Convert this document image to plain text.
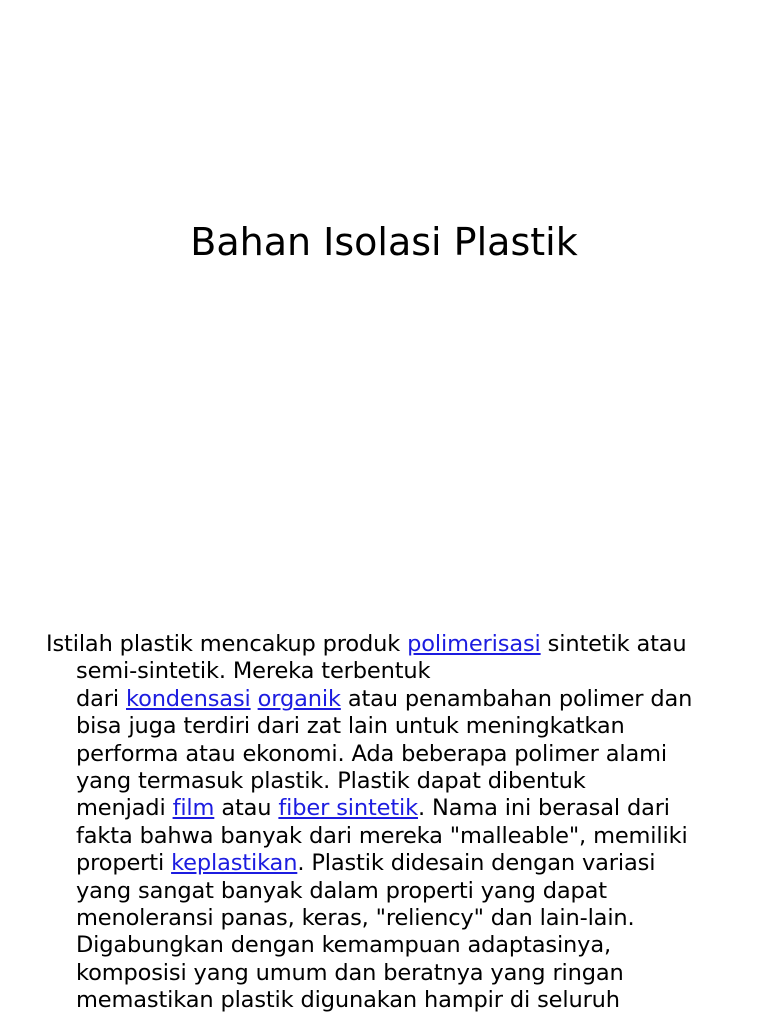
Bahan Isolasi Plastik
Istilah plastik mencakup produk polimerisasi sintetik atau
semi-sintetik. Mereka terbentuk
dari kondensasi organik atau penambahan polimer dan
bisa juga terdiri dari zat lain untuk meningkatkan
performa atau ekonomi. Ada beberapa polimer alami
yang termasuk plastik. Plastik dapat dibentuk
menjadi film atau fiber sintetik. Nama ini berasal dari
fakta bahwa banyak dari mereka "malleable", memiliki
properti keplastikan. Plastik didesain dengan variasi
yang sangat banyak dalam properti yang dapat
menoleransi panas, keras, "reliency" dan lain-lain.
Digabungkan dengan kemampuan adaptasinya,
komposisi yang umum dan beratnya yang ringan
memastikan plastik digunakan hampir di seluruh
